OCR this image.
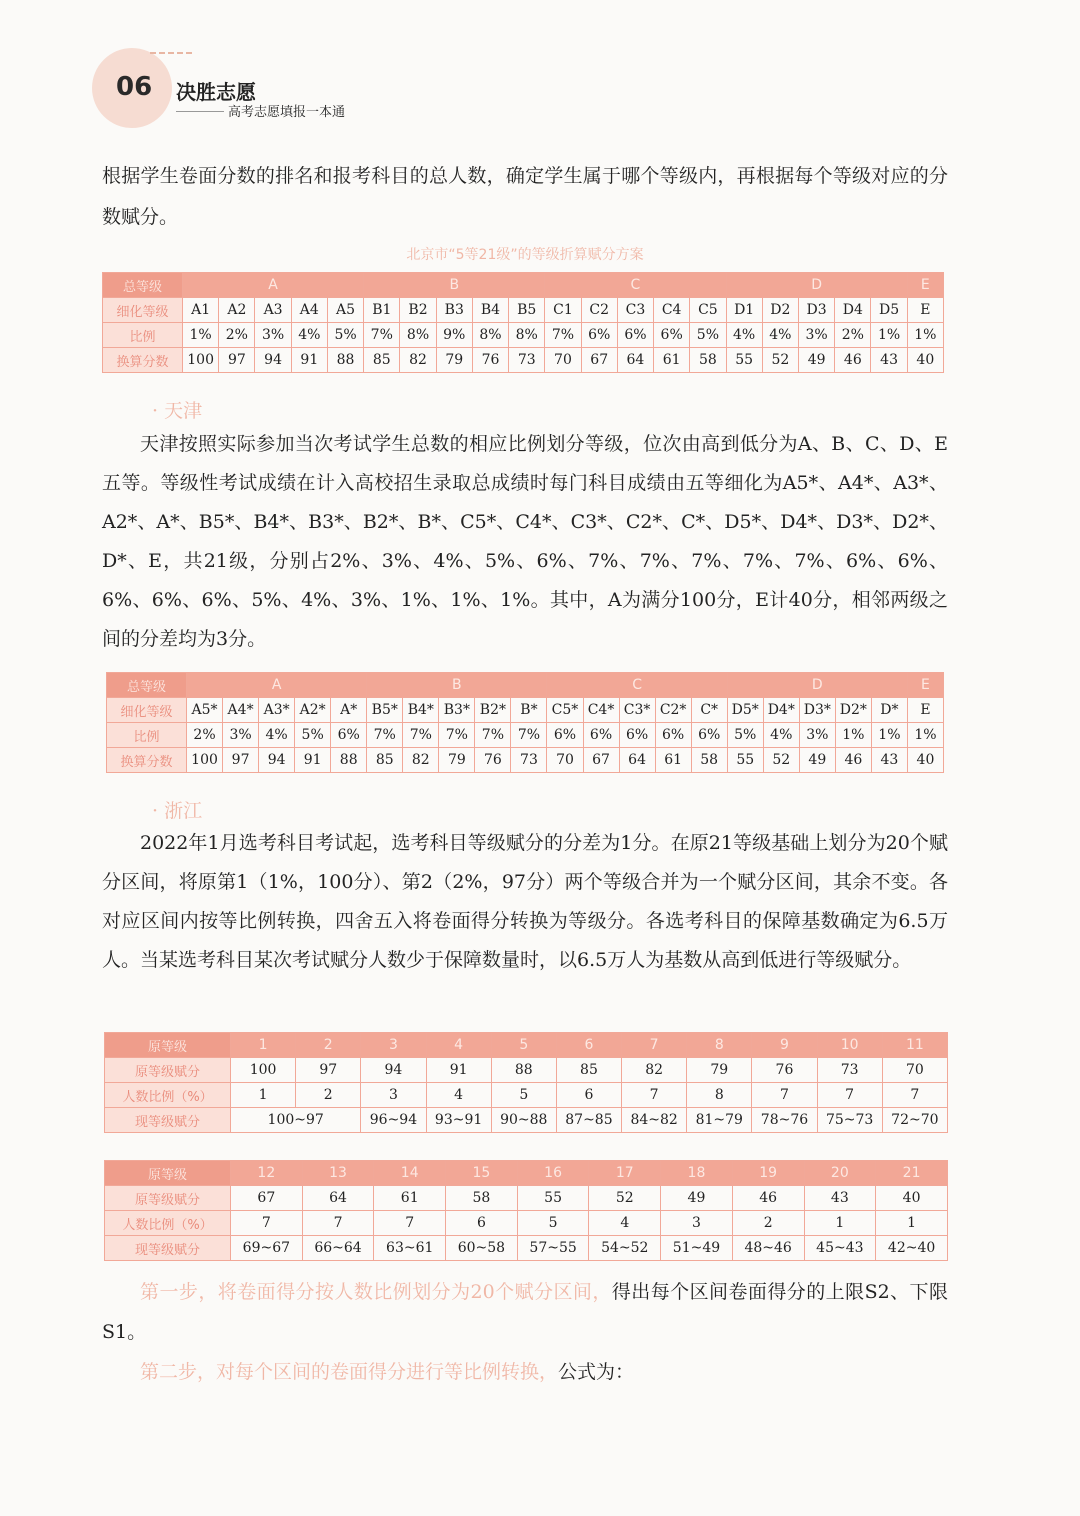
06 决胜志愿
高考志愿填报一本通
根据学生卷面分数的排名和报考科目的总人数，确定学生属于哪个等级内，再根据每个等级对应的分数赋分。
北京市“5等21级”的等级折算赋分方案
总等级	A					B					C					D					E
细化等级	A1	A2	A3	A4	A5	B1	B2	B3	B4	B5	C1	C2	C3	C4	C5	D1	D2	D3	D4	D5	E
比例	1%	2%	3%	4%	5%	7%	8%	9%	8%	8%	7%	6%	6%	6%	5%	4%	4%	3%	2%	1%	1%
换算分数	100	97	94	91	88	85	82	79	76	73	70	67	64	61	58	55	52	49	46	43	40
· 天津
天津按照实际参加当次考试学生总数的相应比例划分等级，位次由高到低分为A、B、C、D、E五等。等级性考试成绩在计入高校招生录取总成绩时每门科目成绩由五等细化为A5*、A4*、A3*、A2*、A*、B5*、B4*、B3*、B2*、B*、C5*、C4*、C3*、C2*、C*、D5*、D4*、D3*、D2*、D*、E，共21级，分别占2%、3%、4%、5%、6%、7%、7%、7%、7%、7%、6%、6%、6%、6%、6%、5%、4%、3%、1%、1%、1%。其中，A为满分100分，E计40分，相邻两级之间的分差均为3分。
总等级	A					B					C					D					E
细化等级	A5*	A4*	A3*	A2*	A*	B5*	B4*	B3*	B2*	B*	C5*	C4*	C3*	C2*	C*	D5*	D4*	D3*	D2*	D*	E
比例	2%	3%	4%	5%	6%	7%	7%	7%	7%	7%	6%	6%	6%	6%	6%	5%	4%	3%	1%	1%	1%
换算分数	100	97	94	91	88	85	82	79	76	73	70	67	64	61	58	55	52	49	46	43	40
· 浙江
2022年1月选考科目考试起，选考科目等级赋分的分差为1分。在原21等级基础上划分为20个赋分区间，将原第1（1%，100分）、第2（2%，97分）两个等级合并为一个赋分区间，其余不变。各对应区间内按等比例转换，四舍五入将卷面得分转换为等级分。各选考科目的保障基数确定为6.5万人。当某选考科目某次考试赋分人数少于保障数量时，以6.5万人为基数从高到低进行等级赋分。
原等级	1	2	3	4	5	6	7	8	9	10	11
原等级赋分	100	97	94	91	88	85	82	79	76	73	70
人数比例（%）	1	2	3	4	5	6	7	8	7	7	7
现等级赋分	100~97		96~94	93~91	90~88	87~85	84~82	81~79	78~76	75~73	72~70
原等级	12	13	14	15	16	17	18	19	20	21
原等级赋分	67	64	61	58	55	52	49	46	43	40
人数比例（%）	7	7	7	6	5	4	3	2	1	1
现等级赋分	69~67	66~64	63~61	60~58	57~55	54~52	51~49	48~46	45~43	42~40
第一步，将卷面得分按人数比例划分为20个赋分区间，得出每个区间卷面得分的上限S2、下限S1。
第二步，对每个区间的卷面得分进行等比例转换，公式为：
